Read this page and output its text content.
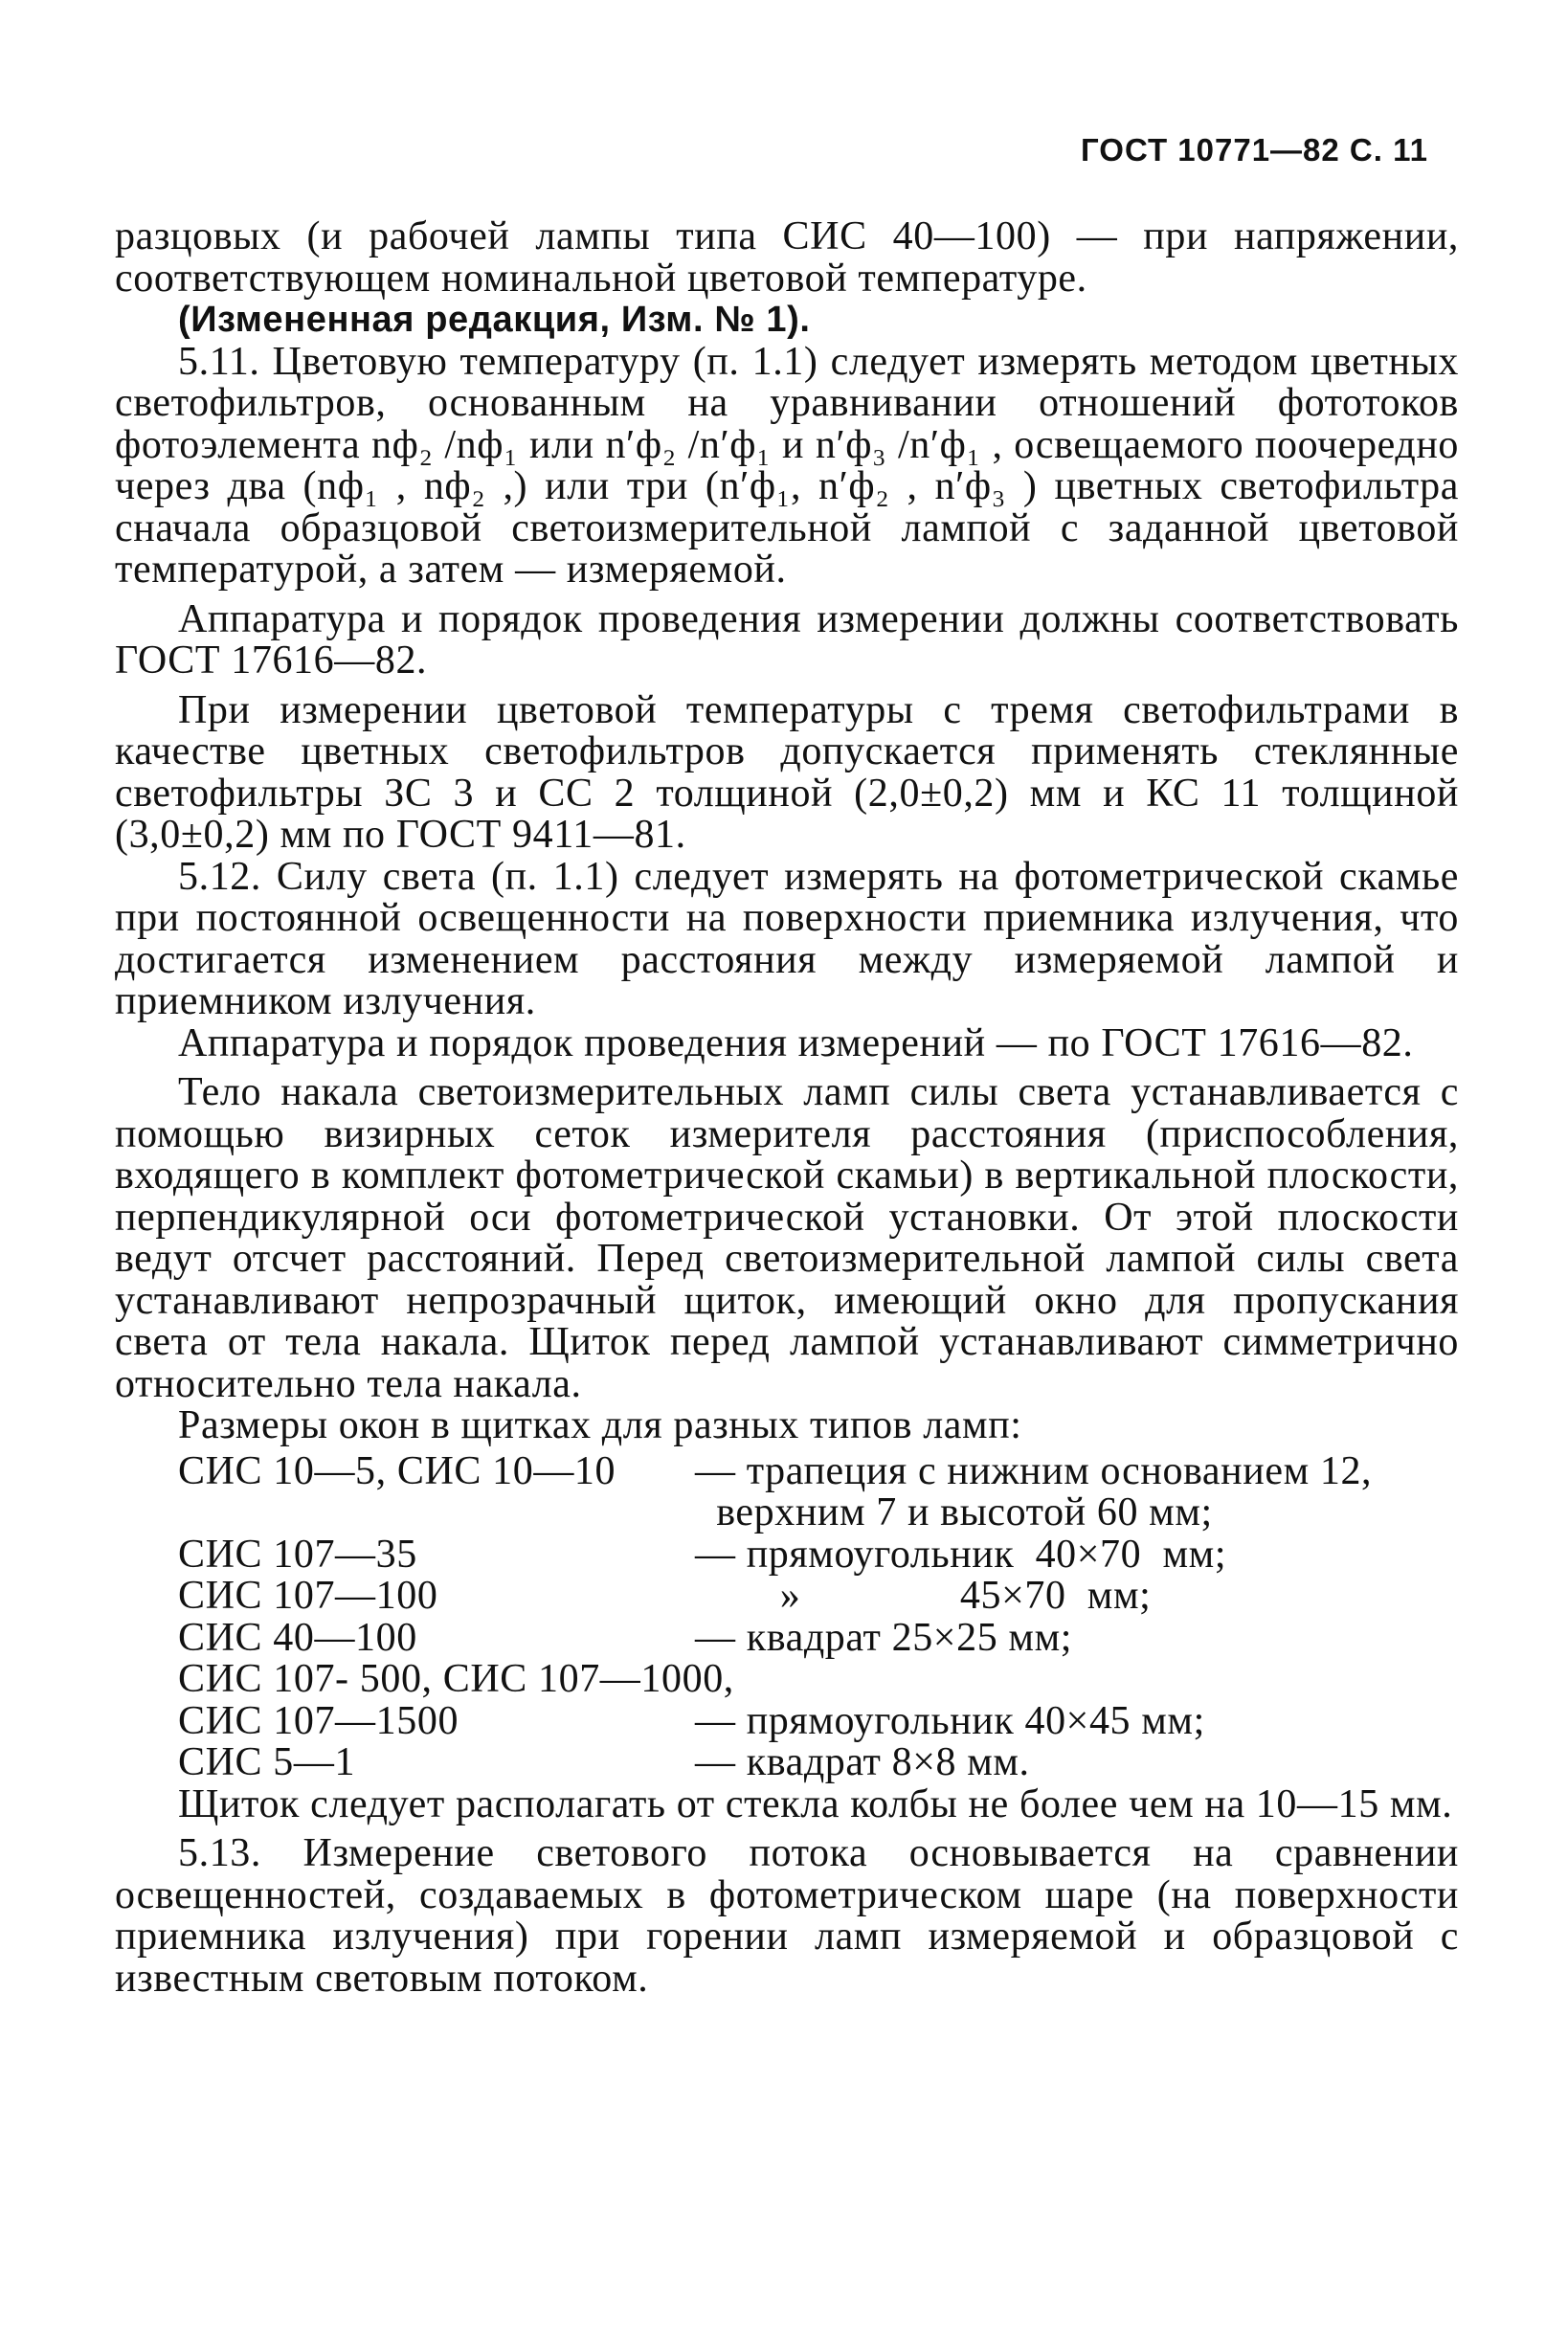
ГОСТ 10771—82 С. 11

разцовых (и рабочей лампы типа СИС 40—100) — при напряжении, соответствующем номинальной цветовой температуре.

(Измененная редакция, Изм. № 1).

5.11. Цветовую температуру (п. 1.1) следует измерять методом цветных светофильтров, основанным на уравнивании отношений фототоков фотоэлемента nф₂ /nф₁ или n′ф₂ /n′ф₁ и n′ф₃ /n′ф₁ , освещаемого поочередно через два (nф₁ , nф₂ ,) или три (n′ф₁, n′ф₂ , n′ф₃ ) цветных светофильтра сначала образцовой светоизмерительной лампой с заданной цветовой температурой, а затем — измеряемой.

Аппаратура и порядок проведения измерении должны соответствовать ГОСТ 17616—82.

При измерении цветовой температуры с тремя светофильтрами в качестве цветных светофильтров допускается применять стеклянные светофильтры ЗС 3 и СС 2 толщиной (2,0±0,2) мм и КС 11 толщиной (3,0±0,2) мм по ГОСТ 9411—81.

5.12. Силу света (п. 1.1) следует измерять на фотометрической скамье при постоянной освещенности на поверхности приемника излучения, что достигается изменением расстояния между измеряемой лампой и приемником излучения.

Аппаратура и порядок проведения измерений — по ГОСТ 17616—82.

Тело накала светоизмерительных ламп силы света устанавливается с помощью визирных сеток измерителя расстояния (приспособления, входящего в комплект фотометрической скамьи) в вертикальной плоскости, перпендикулярной оси фотометрической установки. От этой плоскости ведут отсчет расстояний. Перед светоизмерительной лампой силы света устанавливают непрозрачный щиток, имеющий окно для пропускания света от тела накала. Щиток перед лампой устанавливают симметрично относительно тела накала.

Размеры окон в щитках для разных типов ламп:

СИС 10—5, СИС 10—10	— трапеция с нижним основанием 12,
	верхним 7 и высотой 60 мм;
СИС 107—35	— прямоугольник  40×70  мм;
СИС 107—100	»               45×70  мм;
СИС 40—100	— квадрат 25×25 мм;
СИС 107- 500, СИС 107—1000,	
СИС 107—1500	— прямоугольник 40×45 мм;
СИС 5—1	— квадрат 8×8 мм.

Щиток следует располагать от стекла колбы не более чем на 10—15 мм.

5.13. Измерение светового потока основывается на сравнении освещенностей, создаваемых в фотометрическом шаре (на поверхности приемника излучения) при горении ламп измеряемой и образцовой с известным световым потоком.
